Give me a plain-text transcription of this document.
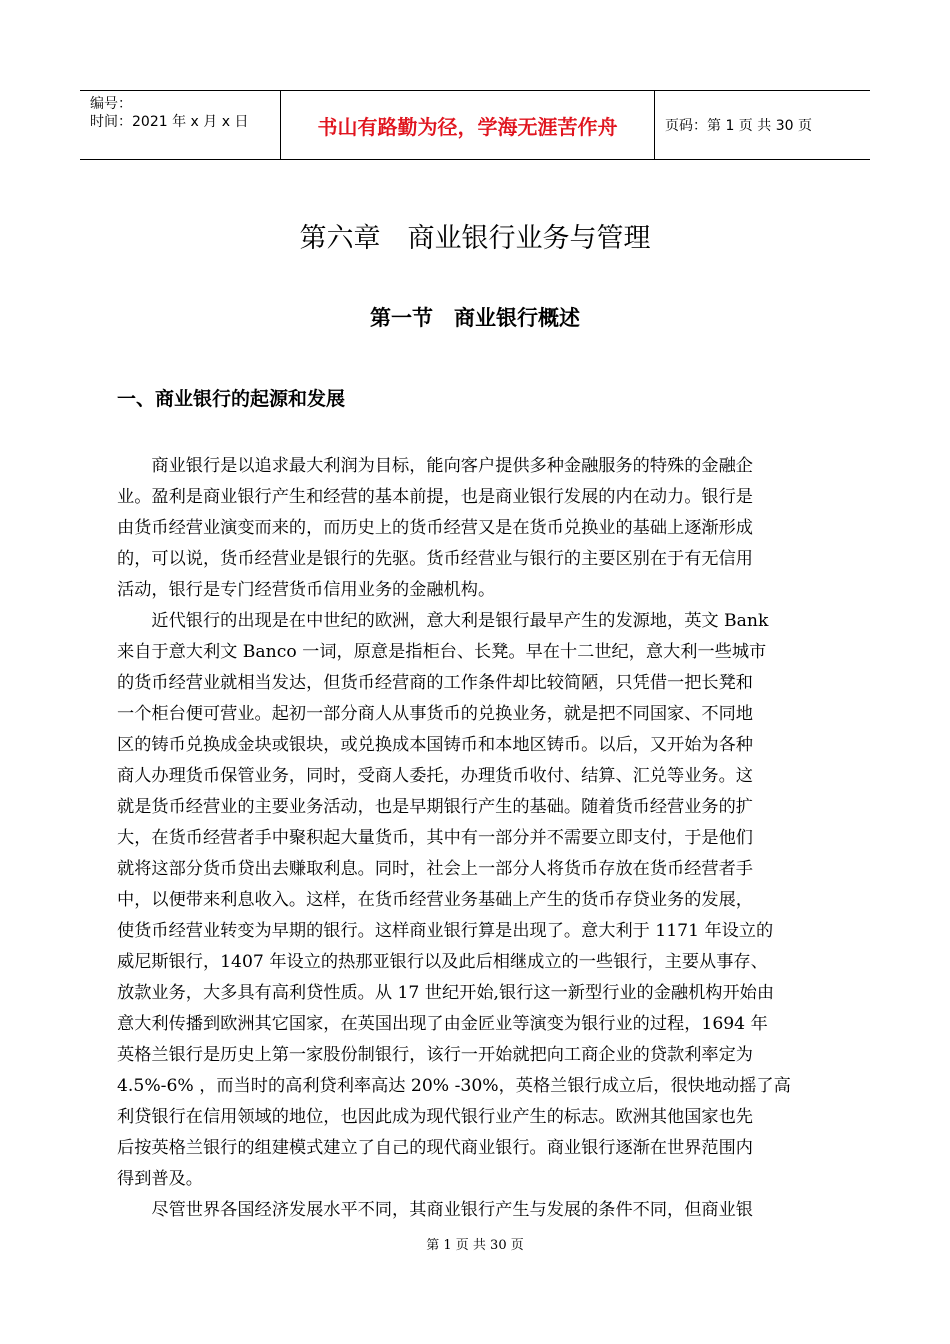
编号：
时间：2021 年 x 月 x 日	书山有路勤为径，学海无涯苦作舟	页码：第 1 页 共 30 页
第六章　商业银行业务与管理
第一节　商业银行概述
一、商业银行的起源和发展
　　商业银行是以追求最大利润为目标，能向客户提供多种金融服务的特殊的金融企
业。盈利是商业银行产生和经营的基本前提，也是商业银行发展的内在动力。银行是
由货币经营业演变而来的，而历史上的货币经营又是在货币兑换业的基础上逐渐形成
的，可以说，货币经营业是银行的先驱。货币经营业与银行的主要区别在于有无信用
活动，银行是专门经营货币信用业务的金融机构。
　　近代银行的出现是在中世纪的欧洲，意大利是银行最早产生的发源地，英文 Bank
来自于意大利文 Banco 一词，原意是指柜台、长凳。早在十二世纪，意大利一些城市
的货币经营业就相当发达，但货币经营商的工作条件却比较简陋，只凭借一把长凳和
一个柜台便可营业。起初一部分商人从事货币的兑换业务，就是把不同国家、不同地
区的铸币兑换成金块或银块，或兑换成本国铸币和本地区铸币。以后，又开始为各种
商人办理货币保管业务，同时，受商人委托，办理货币收付、结算、汇兑等业务。这
就是货币经营业的主要业务活动，也是早期银行产生的基础。随着货币经营业务的扩
大，在货币经营者手中聚积起大量货币，其中有一部分并不需要立即支付，于是他们
就将这部分货币贷出去赚取利息。同时，社会上一部分人将货币存放在货币经营者手
中，以便带来利息收入。这样，在货币经营业务基础上产生的货币存贷业务的发展，
使货币经营业转变为早期的银行。这样商业银行算是出现了。意大利于 1171 年设立的
威尼斯银行，1407 年设立的热那亚银行以及此后相继成立的一些银行，主要从事存、
放款业务，大多具有高利贷性质。从 17 世纪开始,银行这一新型行业的金融机构开始由
意大利传播到欧洲其它国家，在英国出现了由金匠业等演变为银行业的过程，1694 年
英格兰银行是历史上第一家股份制银行，该行一开始就把向工商企业的贷款利率定为
4.5%-6% ，而当时的高利贷利率高达 20% -30%，英格兰银行成立后，很快地动摇了高
利贷银行在信用领域的地位，也因此成为现代银行业产生的标志。欧洲其他国家也先
后按英格兰银行的组建模式建立了自己的现代商业银行。商业银行逐渐在世界范围内
得到普及。
　　尽管世界各国经济发展水平不同，其商业银行产生与发展的条件不同，但商业银
第 1 页 共 30 页
